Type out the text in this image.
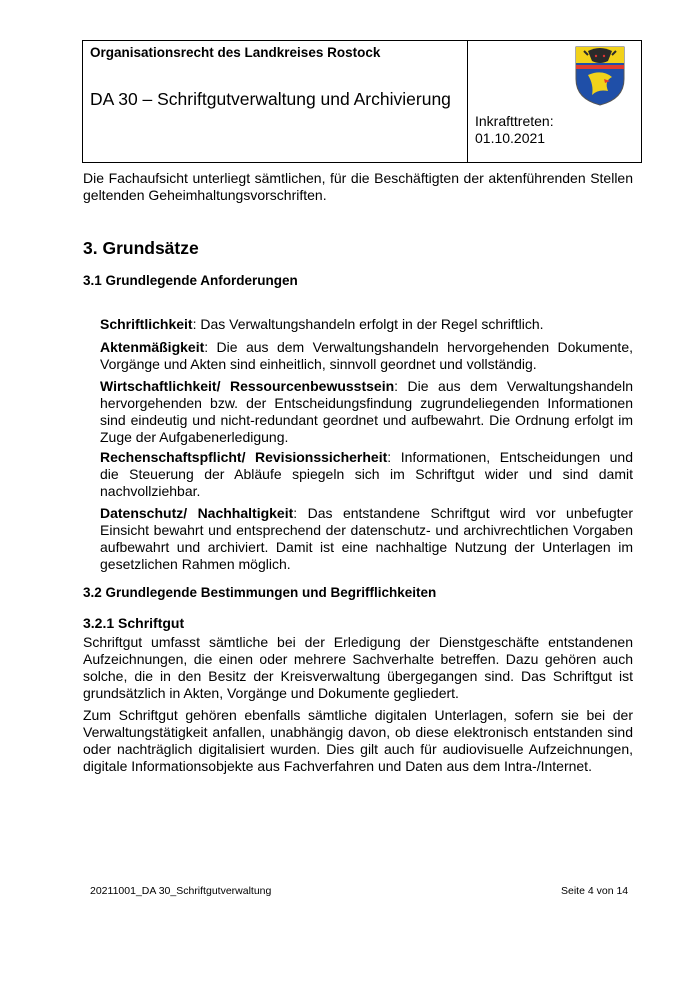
Organisationsrecht des Landkreises Rostock
DA 30 – Schriftgutverwaltung und Archivierung
Inkrafttreten:
01.10.2021
Die Fachaufsicht unterliegt sämtlichen, für die Beschäftigten der aktenführenden Stellen geltenden Geheimhaltungsvorschriften.
3. Grundsätze
3.1 Grundlegende Anforderungen
Schriftlichkeit: Das Verwaltungshandeln erfolgt in der Regel schriftlich.
Aktenmäßigkeit: Die aus dem Verwaltungshandeln hervorgehenden Dokumente, Vorgänge und Akten sind einheitlich, sinnvoll geordnet und vollständig.
Wirtschaftlichkeit/ Ressourcenbewusstsein: Die aus dem Verwaltungshandeln hervorgehenden bzw. der Entscheidungsfindung zugrundeliegenden Informationen sind eindeutig und nicht-redundant geordnet und aufbewahrt. Die Ordnung erfolgt im Zuge der Aufgabenerledigung.
Rechenschaftspflicht/ Revisionssicherheit: Informationen, Entscheidungen und die Steuerung der Abläufe spiegeln sich im Schriftgut wider und sind damit nachvollziehbar.
Datenschutz/ Nachhaltigkeit: Das entstandene Schriftgut wird vor unbefugter Einsicht bewahrt und entsprechend der datenschutz- und archivrechtlichen Vorgaben aufbewahrt und archiviert. Damit ist eine nachhaltige Nutzung der Unterlagen im gesetzlichen Rahmen möglich.
3.2 Grundlegende Bestimmungen und Begrifflichkeiten
3.2.1 Schriftgut
Schriftgut umfasst sämtliche bei der Erledigung der Dienstgeschäfte entstandenen Aufzeichnungen, die einen oder mehrere Sachverhalte betreffen. Dazu gehören auch solche, die in den Besitz der Kreisverwaltung übergegangen sind. Das Schriftgut ist grundsätzlich in Akten, Vorgänge und Dokumente gegliedert.
Zum Schriftgut gehören ebenfalls sämtliche digitalen Unterlagen, sofern sie bei der Verwaltungstätigkeit anfallen, unabhängig davon, ob diese elektronisch entstanden sind oder nachträglich digitalisiert wurden. Dies gilt auch für audiovisuelle Aufzeichnungen, digitale Informationsobjekte aus Fachverfahren und Daten aus dem Intra-/Internet.
20211001_DA 30_Schriftgutverwaltung	Seite 4 von 14
